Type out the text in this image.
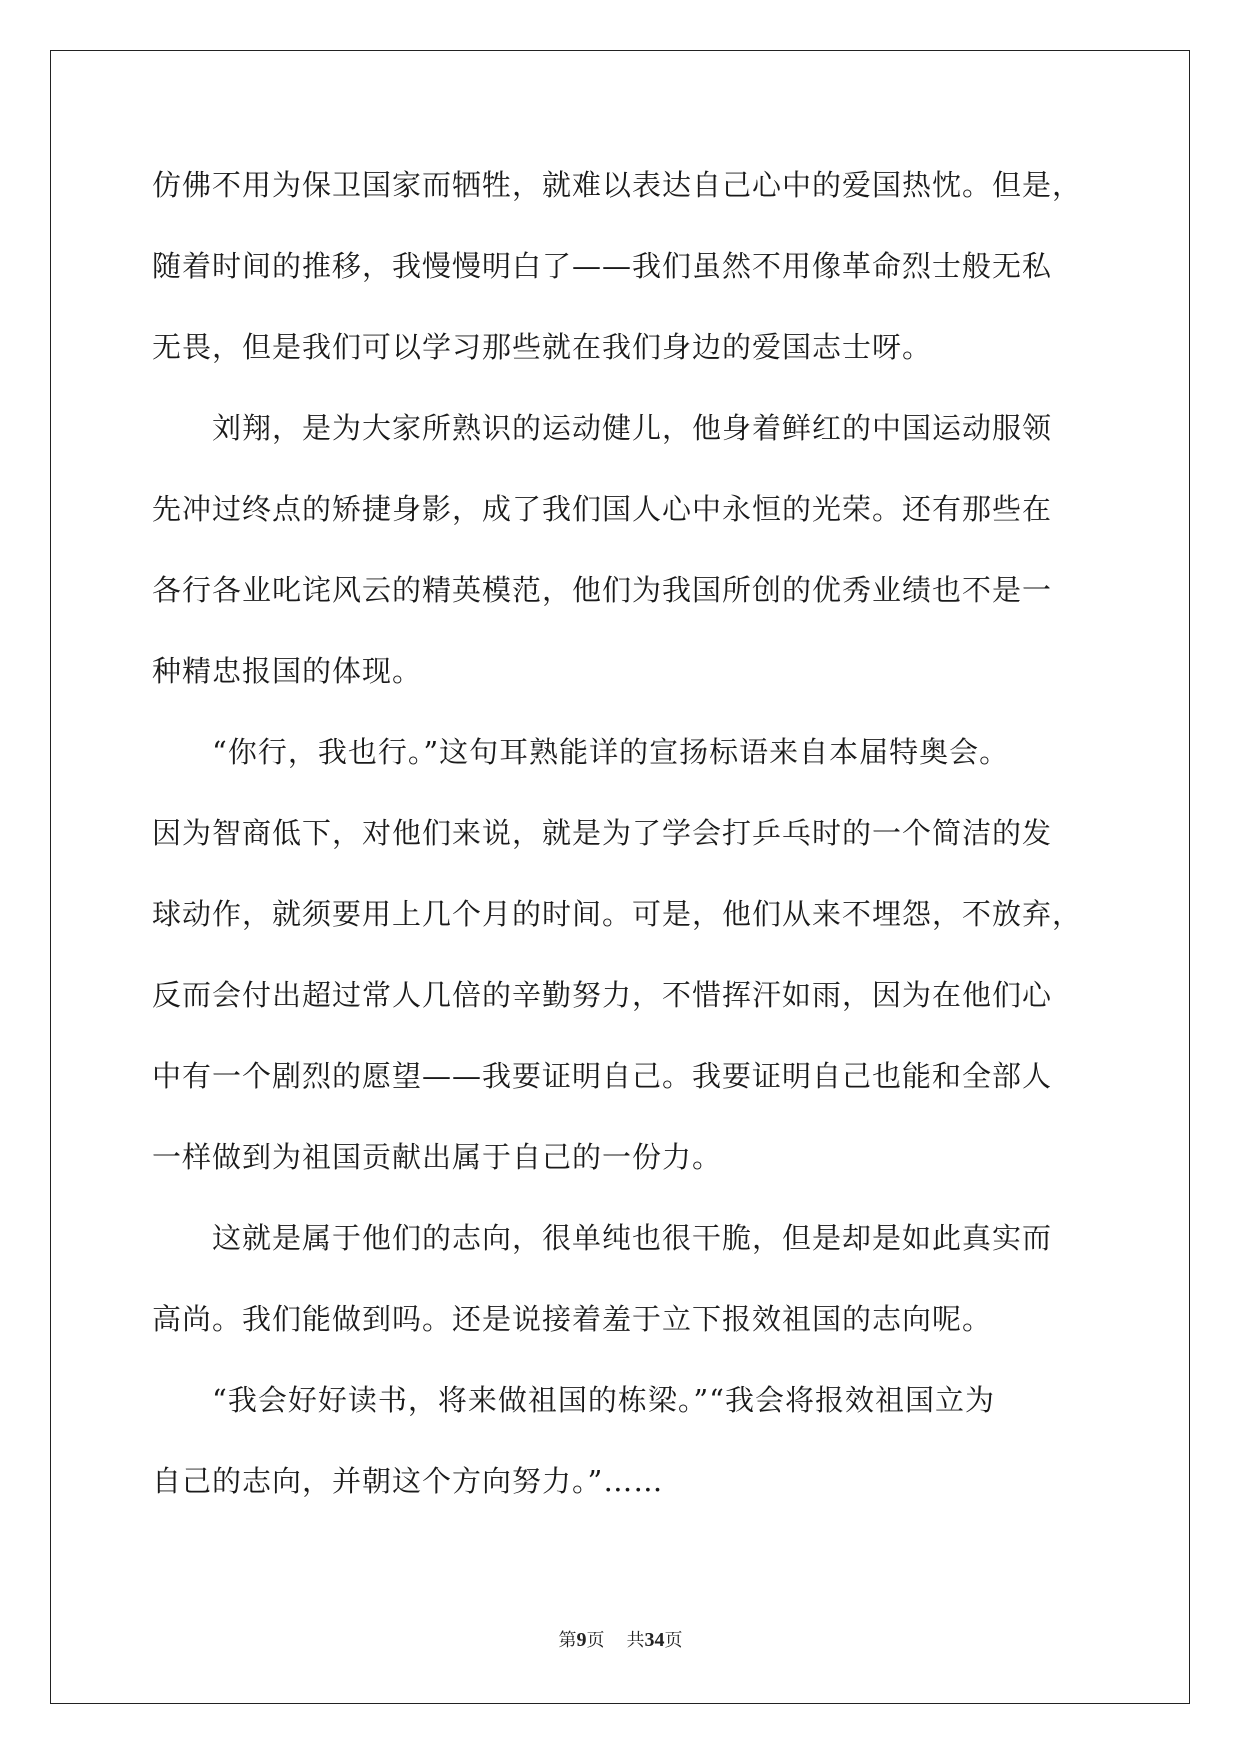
仿佛不用为保卫国家而牺牲，就难以表达自己心中的爱国热忱。但是，
随着时间的推移，我慢慢明白了——我们虽然不用像革命烈士般无私
无畏，但是我们可以学习那些就在我们身边的爱国志士呀。
刘翔，是为大家所熟识的运动健儿，他身着鲜红的中国运动服领
先冲过终点的矫捷身影，成了我们国人心中永恒的光荣。还有那些在
各行各业叱诧风云的精英模范，他们为我国所创的优秀业绩也不是一
种精忠报国的体现。
“你行，我也行。”这句耳熟能详的宣扬标语来自本届特奥会。
因为智商低下，对他们来说，就是为了学会打乒乓时的一个简洁的发
球动作，就须要用上几个月的时间。可是，他们从来不埋怨，不放弃，
反而会付出超过常人几倍的辛勤努力，不惜挥汗如雨，因为在他们心
中有一个剧烈的愿望——我要证明自己。我要证明自己也能和全部人
一样做到为祖国贡献出属于自己的一份力。
这就是属于他们的志向，很单纯也很干脆，但是却是如此真实而
高尚。我们能做到吗。还是说接着羞于立下报效祖国的志向呢。
“我会好好读书，将来做祖国的栋梁。”“我会将报效祖国立为
自己的志向，并朝这个方向努力。”……
第9页 共34页
